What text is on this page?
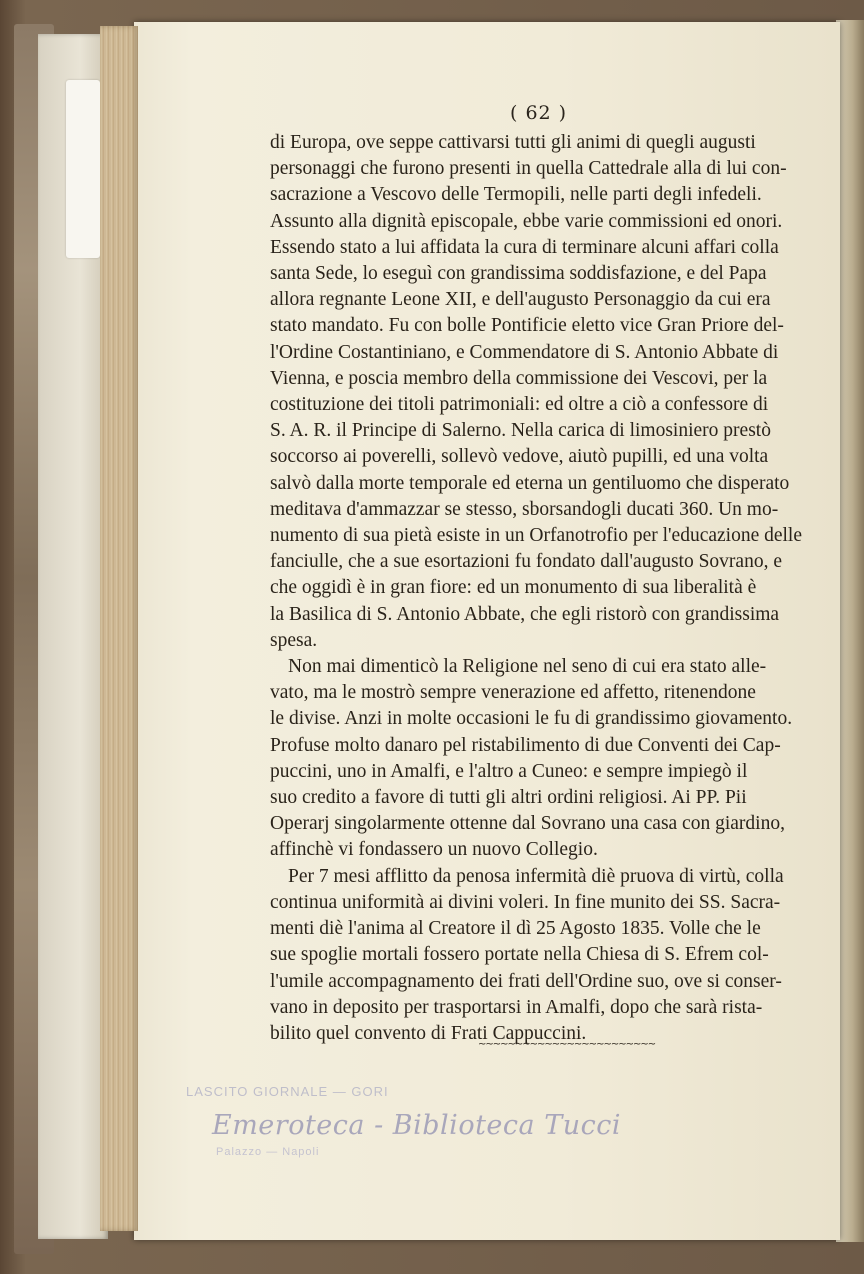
( 62 )

di Europa, ove seppe cattivarsi tutti gli animi di quegli augusti

personaggi che furono presenti in quella Cattedrale alla di lui con-

sacrazione a Vescovo delle Termopili, nelle parti degli infedeli.

Assunto alla dignità episcopale, ebbe varie commissioni ed onori.

Essendo stato a lui affidata la cura di terminare alcuni affari colla

santa Sede, lo eseguì con grandissima soddisfazione, e del Papa

allora regnante Leone XII, e dell'augusto Personaggio da cui era

stato mandato. Fu con bolle Pontificie eletto vice Gran Priore del-

l'Ordine Costantiniano, e Commendatore di S. Antonio Abbate di

Vienna, e poscia membro della commissione dei Vescovi, per la

costituzione dei titoli patrimoniali: ed oltre a ciò a confessore di

S. A. R. il Principe di Salerno. Nella carica di limosiniero prestò

soccorso ai poverelli, sollevò vedove, aiutò pupilli, ed una volta

salvò dalla morte temporale ed eterna un gentiluomo che disperato

meditava d'ammazzar se stesso, sborsandogli ducati 360. Un mo-

numento di sua pietà esiste in un Orfanotrofio per l'educazione delle

fanciulle, che a sue esortazioni fu fondato dall'augusto Sovrano, e

che oggidì è in gran fiore: ed un monumento di sua liberalità è

la Basilica di S. Antonio Abbate, che egli ristorò con grandissima

spesa.

Non mai dimenticò la Religione nel seno di cui era stato alle-

vato, ma le mostrò sempre venerazione ed affetto, ritenendone

le divise. Anzi in molte occasioni le fu di grandissimo giovamento.

Profuse molto danaro pel ristabilimento di due Conventi dei Cap-

puccini, uno in Amalfi, e l'altro a Cuneo: e sempre impiegò il

suo credito a favore di tutti gli altri ordini religiosi. Ai PP. Pii

Operarj singolarmente ottenne dal Sovrano una casa con giardino,

affinchè vi fondassero un nuovo Collegio.

Per 7 mesi afflitto da penosa infermità diè pruova di virtù, colla

continua uniformità ai divini voleri. In fine munito dei SS. Sacra-

menti diè l'anima al Creatore il dì 25 Agosto 1835. Volle che le

sue spoglie mortali fossero portate nella Chiesa di S. Efrem col-

l'umile accompagnamento dei frati dell'Ordine suo, ove si conser-

vano in deposito per trasportarsi in Amalfi, dopo che sarà rista-

bilito quel convento di Frati Cappuccini.

~~~~~~~~~~~~~~~~~~~~~~~~
LASCITO GIORNALE — GORI
Emeroteca - Biblioteca Tucci
Palazzo — Napoli
